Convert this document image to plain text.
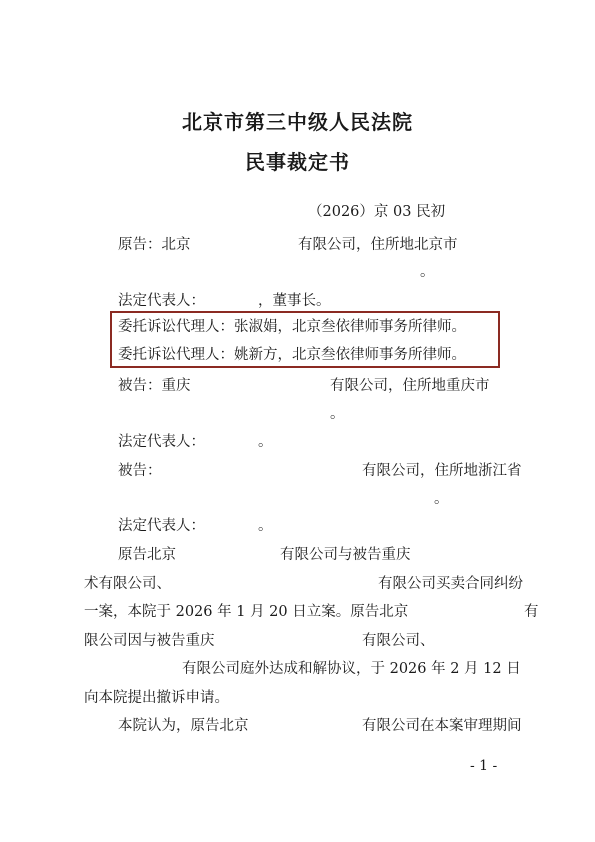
北京市第三中级人民法院
民事裁定书
（2026）京 03 民初
原告：北京	有限公司，住所地北京市
。
法定代表人：	，董事长。
委托诉讼代理人：张淑娟，北京叁依律师事务所律师。
委托诉讼代理人：姚新方，北京叁依律师事务所律师。
被告：重庆	有限公司，住所地重庆市
。
法定代表人：	。
被告：	有限公司，住所地浙江省
。
法定代表人：	。
原告北京	有限公司与被告重庆
术有限公司、	有限公司买卖合同纠纷
一案，本院于 2026 年 1 月 20 日立案。原告北京	有
限公司因与被告重庆	有限公司、
有限公司庭外达成和解协议，于 2026 年 2 月 12 日
向本院提出撤诉申请。
本院认为，原告北京	有限公司在本案审理期间
- 1 -
